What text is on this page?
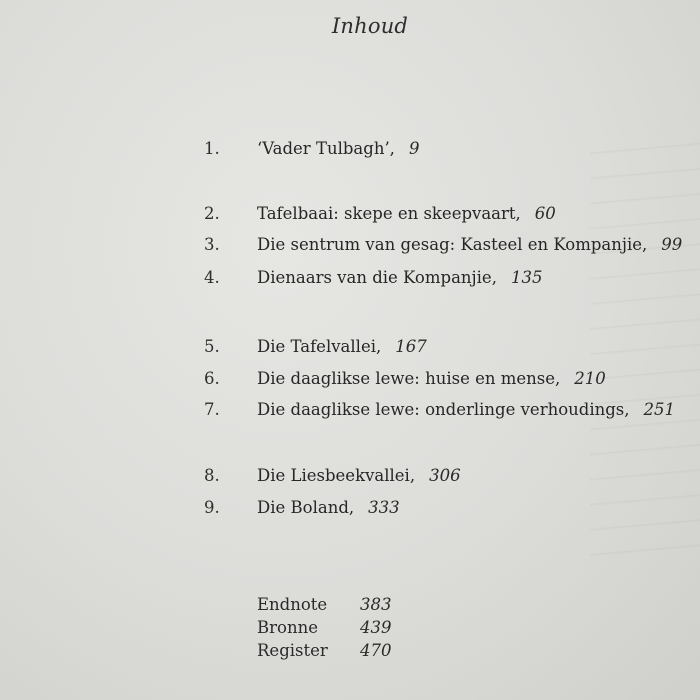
Inhoud
1.	‘Vader Tulbagh’, 9
2.	Tafelbaai: skepe en skeepvaart, 60
3.	Die sentrum van gesag: Kasteel en Kompanjie, 99
4.	Dienaars van die Kompanjie, 135
5.	Die Tafelvallei, 167
6.	Die daaglikse lewe: huise en mense, 210
7.	Die daaglikse lewe: onderlinge verhoudings, 251
8.	Die Liesbeekvallei, 306
9.	Die Boland, 333
Endnote	383
Bronne	439
Register	470
